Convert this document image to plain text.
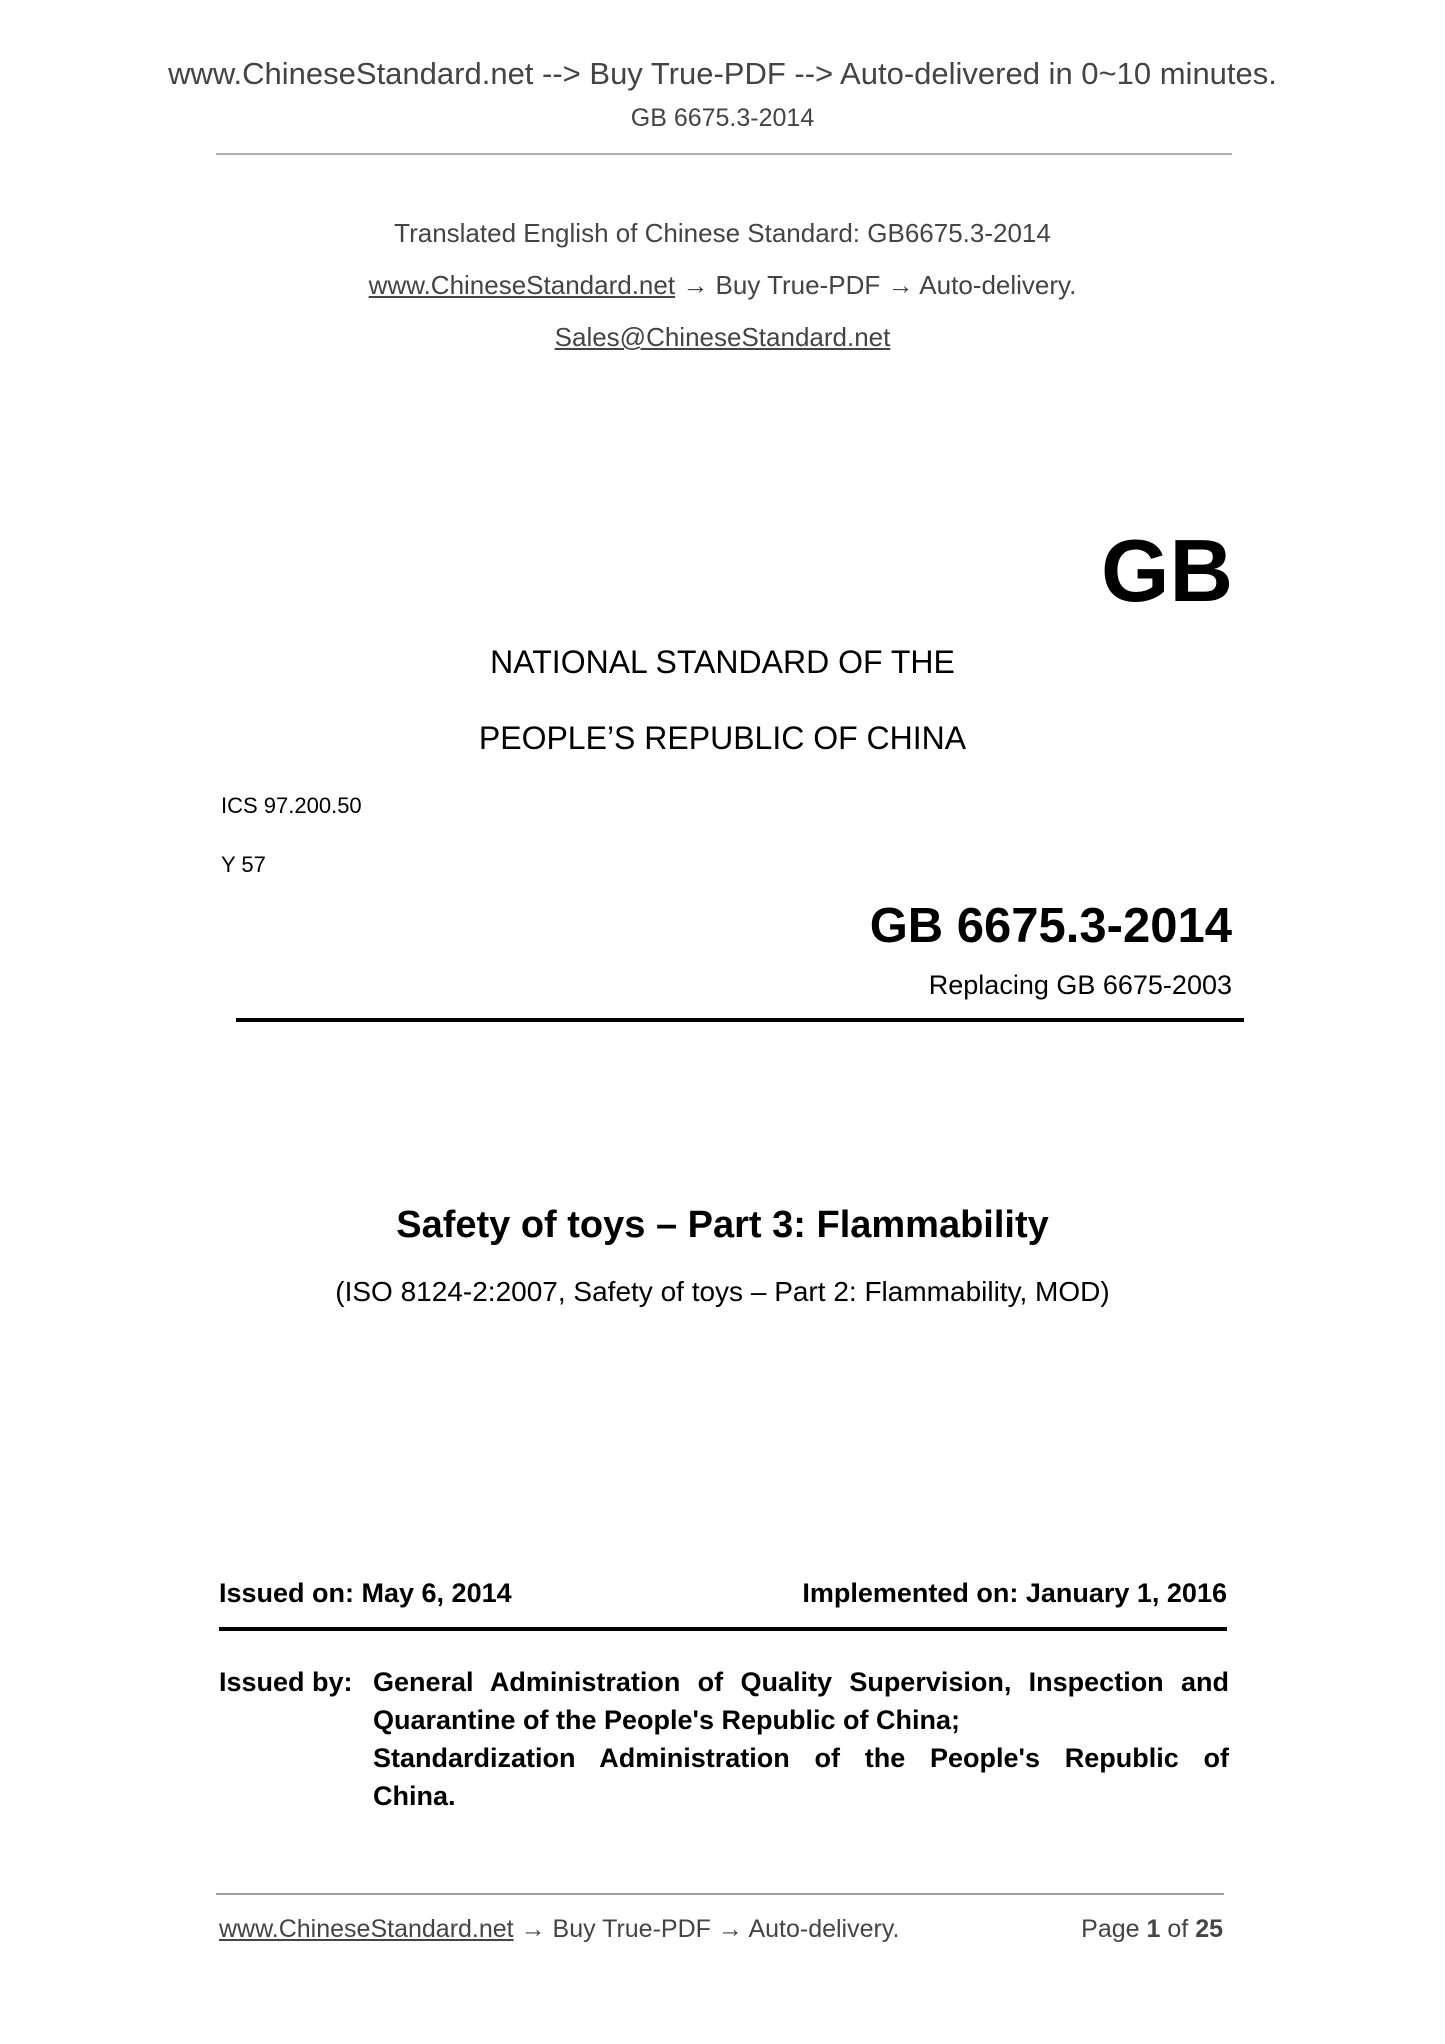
www.ChineseStandard.net --> Buy True-PDF --> Auto-delivered in 0~10 minutes.
GB 6675.3-2014
Translated English of Chinese Standard: GB6675.3-2014
www.ChineseStandard.net → Buy True-PDF → Auto-delivery.
Sales@ChineseStandard.net
GB
NATIONAL STANDARD OF THE
PEOPLE’S REPUBLIC OF CHINA
ICS 97.200.50
Y 57
GB 6675.3-2014
Replacing GB 6675-2003
Safety of toys – Part 3: Flammability
(ISO 8124-2:2007, Safety of toys – Part 2: Flammability, MOD)
Issued on: May 6, 2014	Implemented on: January 1, 2016
Issued by: General Administration of Quality Supervision, Inspection and
Quarantine of the People's Republic of China;
Standardization Administration of the People's Republic of
China.
www.ChineseStandard.net → Buy True-PDF → Auto-delivery.	Page 1 of 25
